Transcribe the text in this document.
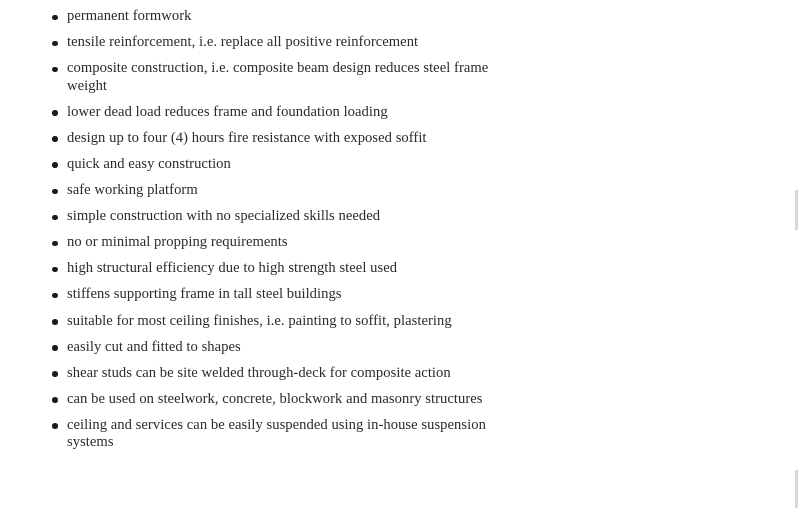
permanent formwork
tensile reinforcement, i.e. replace all positive reinforcement
composite construction, i.e. composite beam design reduces steel frame weight
lower dead load reduces frame and foundation loading
design up to four (4) hours fire resistance with exposed soffit
quick and easy construction
safe working platform
simple construction with no specialized skills needed
no or minimal propping requirements
high structural efficiency due to high strength steel used
stiffens supporting frame in tall steel buildings
suitable for most ceiling finishes, i.e. painting to soffit, plastering
easily cut and fitted to shapes
shear studs can be site welded through-deck for composite action
can be used on steelwork, concrete, blockwork and masonry structures
ceiling and services can be easily suspended using in-house suspension systems
